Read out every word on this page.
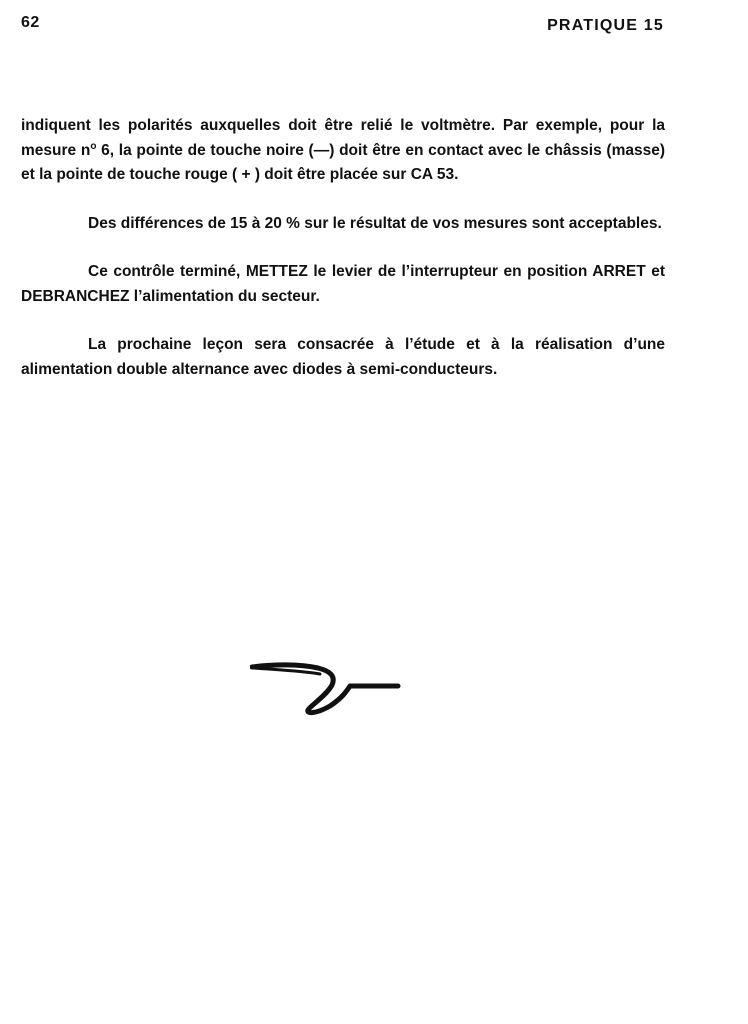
62	PRATIQUE 15

indiquent les polarités auxquelles doit être relié le voltmètre. Par exemple, pour la mesure $n^o$ 6, la pointe de touche noire (—) doit être en contact avec le châssis (masse) et la pointe de touche rouge ( + ) doit être placée sur CA 53.

Des différences de 15 à 20 % sur le résultat de vos mesures sont acceptables.

Ce contrôle terminé, METTEZ le levier de l’interrupteur en position ARRET et DEBRANCHEZ l’alimentation du secteur.

La prochaine leçon sera consacrée à l’étude et à la réalisation d’une alimentation double alternance avec diodes à semi-conducteurs.
